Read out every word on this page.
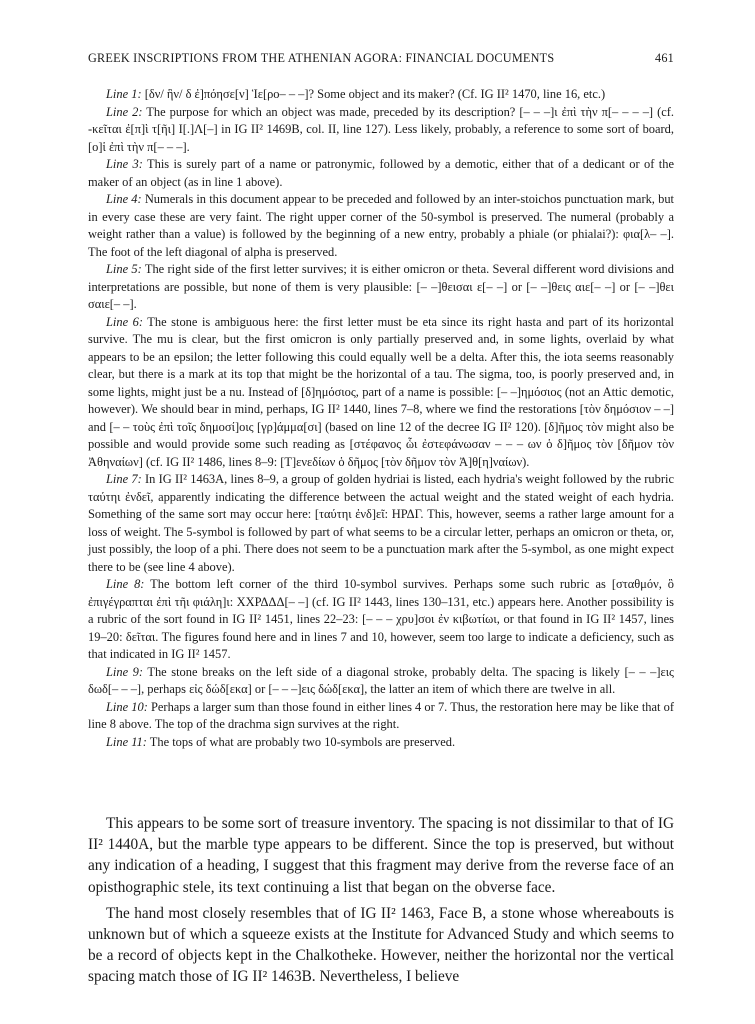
GREEK INSCRIPTIONS FROM THE ATHENIAN AGORA: FINANCIAL DOCUMENTS	461

Line 1: [δν/ ἣν/ δ ἐ]πόησε[ν] Ἱε[ρο– – –]? Some object and its maker? (Cf. IG II² 1470, line 16, etc.)

Line 2: The purpose for which an object was made, preceded by its description? [– – –]ι ἐπὶ τὴν π[– – – –] (cf. -κεῖται ἐ[π]ὶ τ[ῆι] Ι[.]Λ[–] in IG II² 1469B, col. II, line 127). Less likely, probably, a reference to some sort of board, [ο]ἱ ἐπὶ τὴν π[– – –].

Line 3: This is surely part of a name or patronymic, followed by a demotic, either that of a dedicant or of the maker of an object (as in line 1 above).

Line 4: Numerals in this document appear to be preceded and followed by an inter-stoichos punctuation mark, but in every case these are very faint. The right upper corner of the 50-symbol is preserved. The numeral (probably a weight rather than a value) is followed by the beginning of a new entry, probably a phiale (or phialai?): φια[λ– –]. The foot of the left diagonal of alpha is preserved.

Line 5: The right side of the first letter survives; it is either omicron or theta. Several different word divisions and interpretations are possible, but none of them is very plausible: [– –]θεισαι ε[– –] or [– –]θεις αιε[– –] or [– –]θει σαιε[– –].

Line 6: The stone is ambiguous here: the first letter must be eta since its right hasta and part of its horizontal survive. The mu is clear, but the first omicron is only partially preserved and, in some lights, overlaid by what appears to be an epsilon; the letter following this could equally well be a delta. After this, the iota seems reasonably clear, but there is a mark at its top that might be the horizontal of a tau. The sigma, too, is poorly preserved and, in some lights, might just be a nu. Instead of [δ]ημόσιος, part of a name is possible: [– –]ημόσιος (not an Attic demotic, however). We should bear in mind, perhaps, IG II² 1440, lines 7–8, where we find the restorations [τὸν δημόσιον – –] and [– – τοὺς ἐπὶ τοῖς δημοσί]οις [γρ]άμμα[σι] (based on line 12 of the decree IG II² 120). [δ]ῆμος τὸν might also be possible and would provide some such reading as [στέφανος ὧι ἐστεφάνωσαν – – – ων ὁ δ]ῆμος τὸν [δῆμον τὸν Ἀθηναίων] (cf. IG II² 1486, lines 8–9: [Τ]ενεδίων ὁ δῆμος [τὸν δῆμον τὸν Ἀ]θ[η]ναίων).

Line 7: In IG II² 1463A, lines 8–9, a group of golden hydriai is listed, each hydria's weight followed by the rubric ταύτηι ἐνδεῖ, apparently indicating the difference between the actual weight and the stated weight of each hydria. Something of the same sort may occur here: [ταύτηι ἐνδ]εῖ: HΡΔΓ. This, however, seems a rather large amount for a loss of weight. The 5-symbol is followed by part of what seems to be a circular letter, perhaps an omicron or theta, or, just possibly, the loop of a phi. There does not seem to be a punctuation mark after the 5-symbol, as one might expect there to be (see line 4 above).

Line 8: The bottom left corner of the third 10-symbol survives. Perhaps some such rubric as [σταθμόν, ὃ ἐπιγέγραπται ἐπὶ τῆι φιάλη]ι: ΧΧΡΔΔΔ[– –] (cf. IG II² 1443, lines 130–131, etc.) appears here. Another possibility is a rubric of the sort found in IG II² 1451, lines 22–23: [– – – χρυ]σοι ἐν κιβωτίωι, or that found in IG II² 1457, lines 19–20: δεῖται. The figures found here and in lines 7 and 10, however, seem too large to indicate a deficiency, such as that indicated in IG II² 1457.

Line 9: The stone breaks on the left side of a diagonal stroke, probably delta. The spacing is likely [– – –]εις δωδ[– – –], perhaps εἰς δώδ[εκα] or [– – –]εις δώδ[εκα], the latter an item of which there are twelve in all.

Line 10: Perhaps a larger sum than those found in either lines 4 or 7. Thus, the restoration here may be like that of line 8 above. The top of the drachma sign survives at the right.

Line 11: The tops of what are probably two 10-symbols are preserved.

This appears to be some sort of treasure inventory. The spacing is not dissimilar to that of IG II² 1440A, but the marble type appears to be different. Since the top is preserved, but without any indication of a heading, I suggest that this fragment may derive from the reverse face of an opisthographic stele, its text continuing a list that began on the obverse face.

The hand most closely resembles that of IG II² 1463, Face B, a stone whose whereabouts is unknown but of which a squeeze exists at the Institute for Advanced Study and which seems to be a record of objects kept in the Chalkotheke. However, neither the horizontal nor the vertical spacing match those of IG II² 1463B. Nevertheless, I believe
